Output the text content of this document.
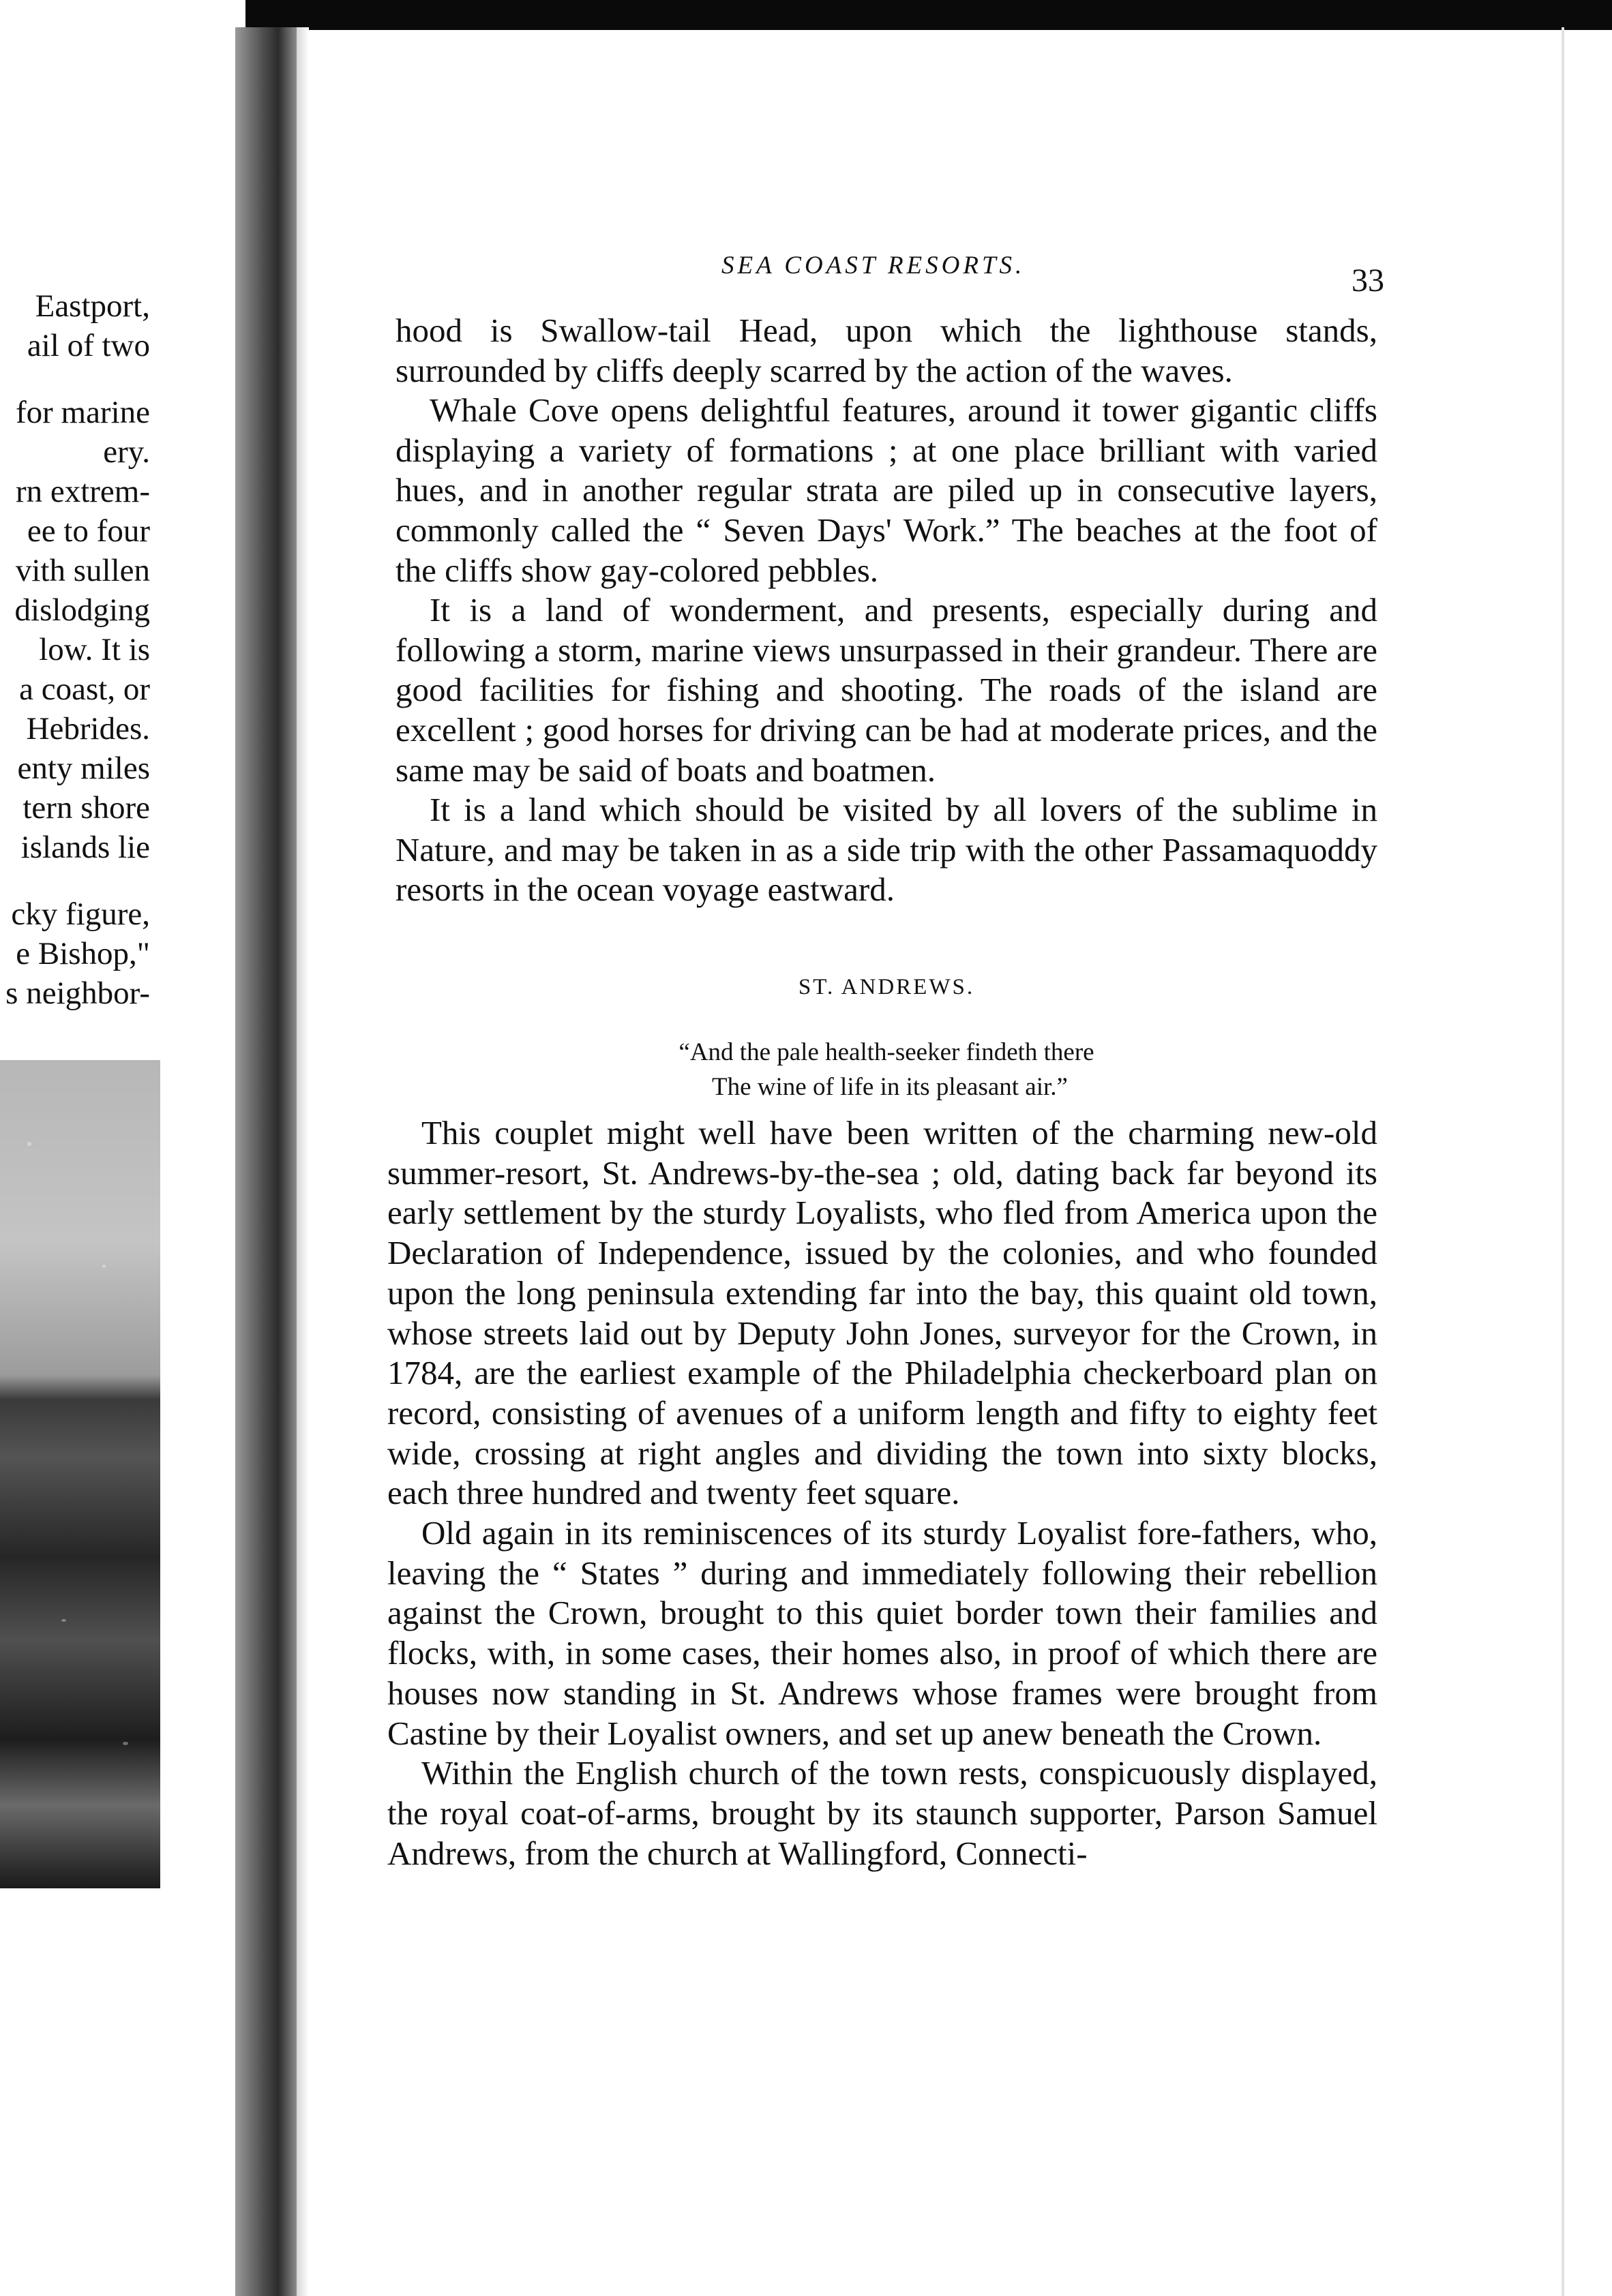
Eastport,
ail of two
for marine
ery.
rn extrem-
ee to four
vith sullen
dislodging
low. It is
a coast, or
Hebrides.
enty miles
tern shore
islands lie
cky figure,
e Bishop,"
s neighbor-
SEA COAST RESORTS.	33

hood is Swallow-tail Head, upon which the lighthouse stands, surrounded by cliffs deeply scarred by the action of the waves.

Whale Cove opens delightful features, around it tower gigantic cliffs displaying a variety of formations ; at one place brilliant with varied hues, and in another regular strata are piled up in consecutive layers, commonly called the “ Seven Days' Work.” The beaches at the foot of the cliffs show gay-colored pebbles.

It is a land of wonderment, and presents, especially during and following a storm, marine views unsurpassed in their grandeur. There are good facilities for fishing and shooting. The roads of the island are excellent ; good horses for driving can be had at moderate prices, and the same may be said of boats and boatmen.

It is a land which should be visited by all lovers of the sublime in Nature, and may be taken in as a side trip with the other Passamaquoddy resorts in the ocean voyage eastward.

ST. ANDREWS.
“And the pale health-seeker findeth there

The wine of life in its pleasant air.”

This couplet might well have been written of the charming new-old summer-resort, St. Andrews-by-the-sea ; old, dating back far beyond its early settlement by the sturdy Loyalists, who fled from America upon the Declaration of Independence, issued by the colonies, and who founded upon the long peninsula extending far into the bay, this quaint old town, whose streets laid out by Deputy John Jones, surveyor for the Crown, in 1784, are the earliest example of the Philadelphia checkerboard plan on record, consisting of avenues of a uniform length and fifty to eighty feet wide, crossing at right angles and dividing the town into sixty blocks, each three hundred and twenty feet square.

Old again in its reminiscences of its sturdy Loyalist fore-fathers, who, leaving the “ States ” during and immediately following their rebellion against the Crown, brought to this quiet border town their families and flocks, with, in some cases, their homes also, in proof of which there are houses now standing in St. Andrews whose frames were brought from Castine by their Loyalist owners, and set up anew beneath the Crown.

Within the English church of the town rests, conspicuously displayed, the royal coat-of-arms, brought by its staunch supporter, Parson Samuel Andrews, from the church at Wallingford, Connecti-
